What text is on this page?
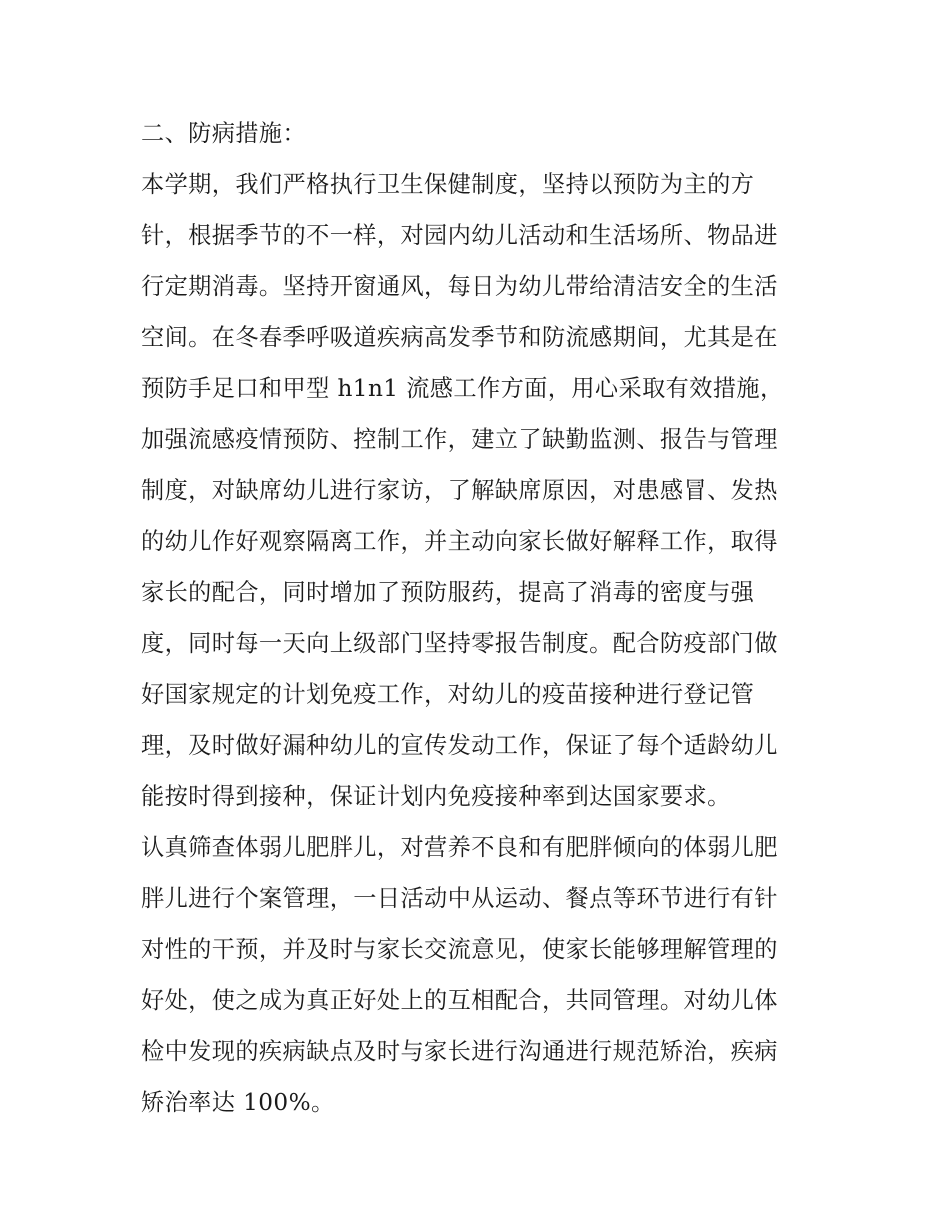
二、防病措施：
本学期，我们严格执行卫生保健制度，坚持以预防为主的方
针，根据季节的不一样，对园内幼儿活动和生活场所、物品进
行定期消毒。坚持开窗通风，每日为幼儿带给清洁安全的生活
空间。在冬春季呼吸道疾病高发季节和防流感期间，尤其是在
预防手足口和甲型 h1n1 流感工作方面，用心采取有效措施，
加强流感疫情预防、控制工作，建立了缺勤监测、报告与管理
制度，对缺席幼儿进行家访，了解缺席原因，对患感冒、发热
的幼儿作好观察隔离工作，并主动向家长做好解释工作，取得
家长的配合，同时增加了预防服药，提高了消毒的密度与强
度，同时每一天向上级部门坚持零报告制度。配合防疫部门做
好国家规定的计划免疫工作，对幼儿的疫苗接种进行登记管
理，及时做好漏种幼儿的宣传发动工作，保证了每个适龄幼儿
能按时得到接种，保证计划内免疫接种率到达国家要求。
认真筛查体弱儿肥胖儿，对营养不良和有肥胖倾向的体弱儿肥
胖儿进行个案管理，一日活动中从运动、餐点等环节进行有针
对性的干预，并及时与家长交流意见，使家长能够理解管理的
好处，使之成为真正好处上的互相配合，共同管理。对幼儿体
检中发现的疾病缺点及时与家长进行沟通进行规范矫治，疾病
矫治率达 100%。
